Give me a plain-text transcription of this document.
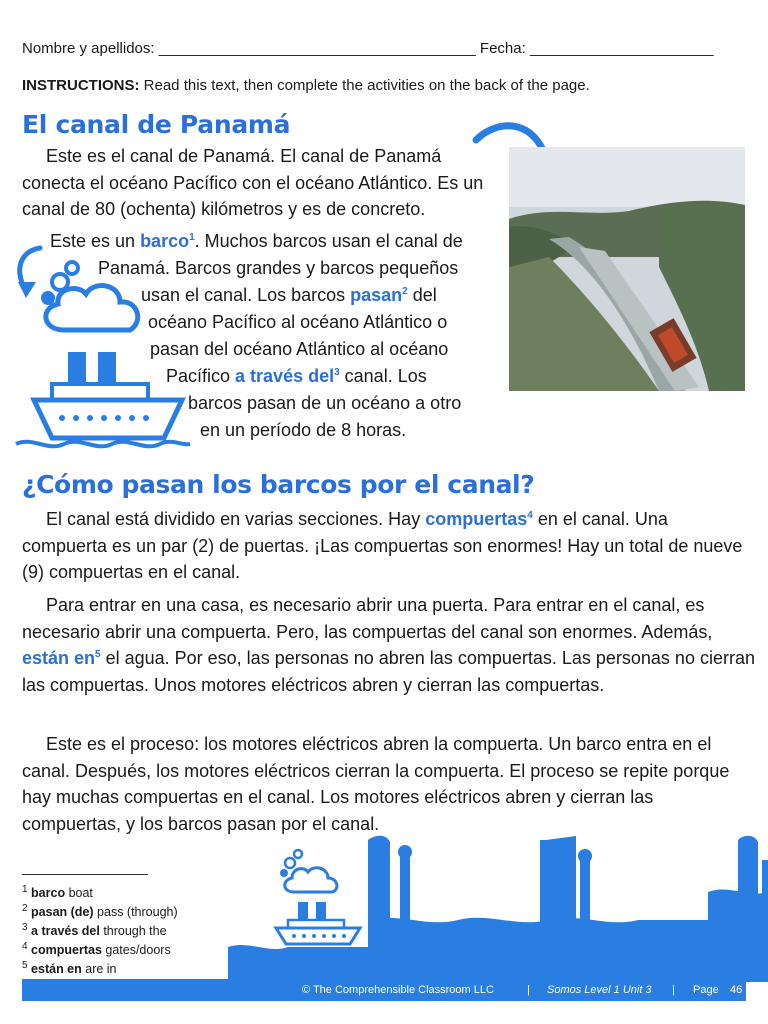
Nombre y apellidos: ______________________________________ Fecha: ______________________
INSTRUCTIONS: Read this text, then complete the activities on the back of the page.
El canal de Panamá

Este es el canal de Panamá. El canal de Panamá conecta el océano Pacífico con el océano Atlántico. Es un canal de 80 (ochenta) kilómetros y es de concreto.

Este es un barco$^1$. Muchos barcos usan el canal de
Panamá. Barcos grandes y barcos pequeños
usan el canal. Los barcos pasan$^2$ del
océano Pacífico al océano Atlántico o
pasan del océano Atlántico al océano
Pacífico a través del$^3$ canal. Los
barcos pasan de un océano a otro
en un período de 8 horas.
¿Cómo pasan los barcos por el canal?

El canal está dividido en varias secciones. Hay compuertas$^4$ en el canal. Una compuerta es un par (2) de puertas. ¡Las compuertas son enormes! Hay un total de nueve (9) compuertas en el canal.

Para entrar en una casa, es necesario abrir una puerta. Para entrar en el canal, es necesario abrir una compuerta. Pero, las compuertas del canal son enormes. Además, están $en^5$ el agua. Por eso, las personas no abren las compuertas. Las personas no cierran las compuertas. Unos motores eléctricos abren y cierran las compuertas.

Este es el proceso: los motores eléctricos abren la compuerta. Un barco entra en el canal. Después, los motores eléctricos cierran la compuerta. El proceso se repite porque hay muchas compuertas en el canal. Los motores eléctricos abren y cierran las compuertas, y los barcos pasan por el canal.

$^1$ barco boat
$^2$ pasan (de) pass (through)
$^3$ a través del through the
$^4$ compuertas gates/doors
$^5$ están en are in
© The Comprehensible Classroom LLC	| Somos Level 1 Unit 3 | Page 46
